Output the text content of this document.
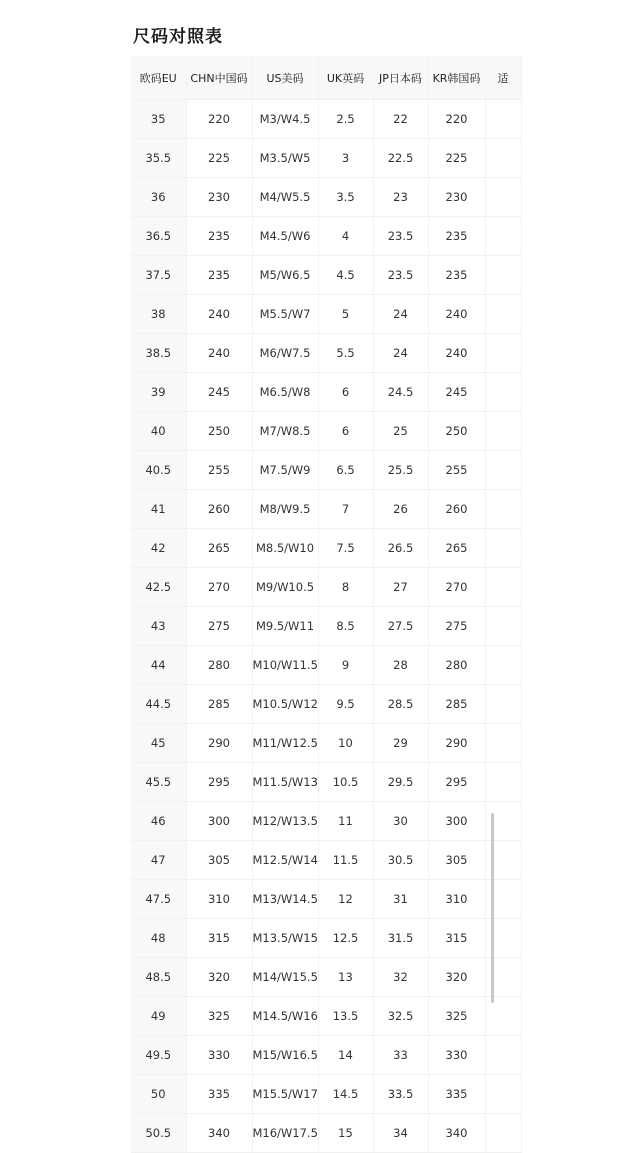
尺码对照表
欧码EU	CHN中国码	US美码	UK英码	JP日本码	KR韩国码	适
35	220	M3/W4.5	2.5	22	220	
35.5	225	M3.5/W5	3	22.5	225	
36	230	M4/W5.5	3.5	23	230	
36.5	235	M4.5/W6	4	23.5	235	
37.5	235	M5/W6.5	4.5	23.5	235	
38	240	M5.5/W7	5	24	240	
38.5	240	M6/W7.5	5.5	24	240	
39	245	M6.5/W8	6	24.5	245	
40	250	M7/W8.5	6	25	250	
40.5	255	M7.5/W9	6.5	25.5	255	
41	260	M8/W9.5	7	26	260	
42	265	M8.5/W10	7.5	26.5	265	
42.5	270	M9/W10.5	8	27	270	
43	275	M9.5/W11	8.5	27.5	275	
44	280	M10/W11.5	9	28	280	
44.5	285	M10.5/W12	9.5	28.5	285	
45	290	M11/W12.5	10	29	290	
45.5	295	M11.5/W13	10.5	29.5	295	
46	300	M12/W13.5	11	30	300	
47	305	M12.5/W14	11.5	30.5	305	
47.5	310	M13/W14.5	12	31	310	
48	315	M13.5/W15	12.5	31.5	315	
48.5	320	M14/W15.5	13	32	320	
49	325	M14.5/W16	13.5	32.5	325	
49.5	330	M15/W16.5	14	33	330	
50	335	M15.5/W17	14.5	33.5	335	
50.5	340	M16/W17.5	15	34	340	
